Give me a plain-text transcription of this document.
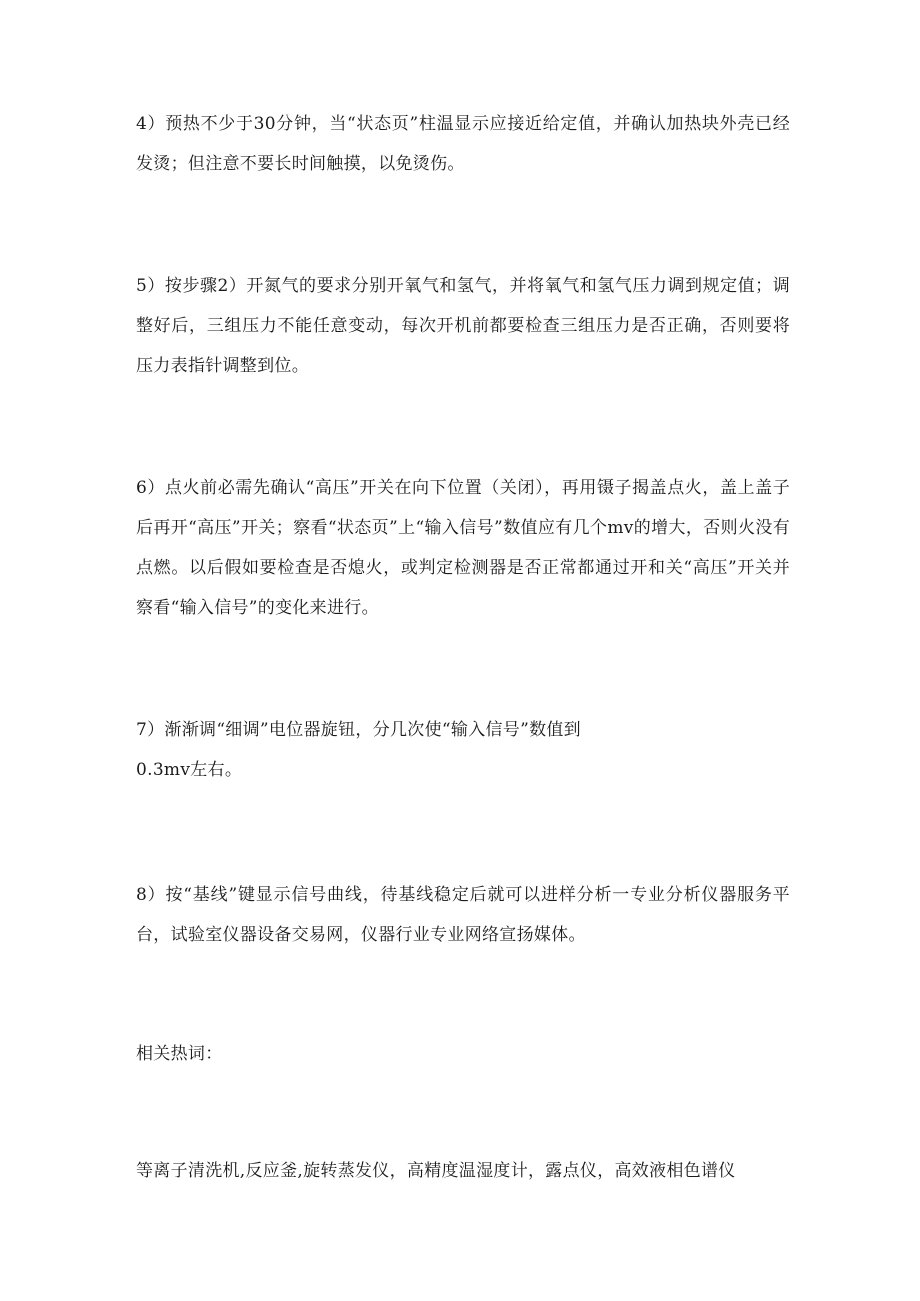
4）预热不少于30分钟，当“状态页”柱温显示应接近给定值，并确认加热块外壳已经发烫；但注意不要长时间触摸，以免烫伤。

5）按步骤2）开氮气的要求分别开氧气和氢气，并将氧气和氢气压力调到规定值；调整好后，三组压力不能任意变动，每次开机前都要检查三组压力是否正确，否则要将压力表指针调整到位。

6）点火前必需先确认“高压”开关在向下位置（关闭），再用镊子揭盖点火，盖上盖子后再开“高压”开关；察看“状态页”上“输入信号”数值应有几个mv的增大，否则火没有点燃。以后假如要检查是否熄火，或判定检测器是否正常都通过开和关“高压”开关并察看“输入信号”的变化来进行。

7）渐渐调“细调”电位器旋钮，分几次使“输入信号”数值到

0.3mv左右。

8）按“基线”键显示信号曲线，待基线稳定后就可以进样分析一专业分析仪器服务平台，试验室仪器设备交易网，仪器行业专业网络宣扬媒体。

相关热词：

等离子清洗机,反应釜,旋转蒸发仪，高精度温湿度计，露点仪，高效液相色谱仪
